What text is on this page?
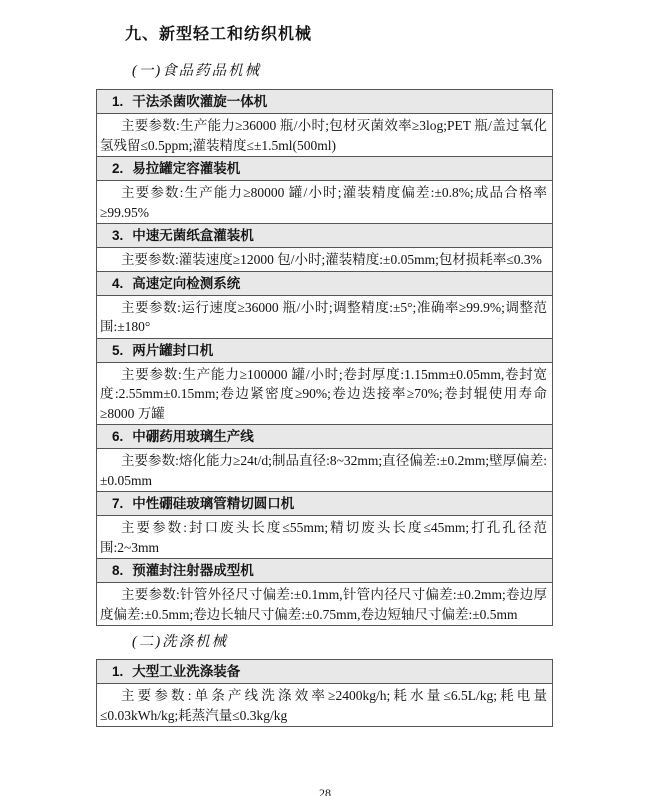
九、新型轻工和纺织机械
(一)食品药品机械
1. 干法杀菌吹灌旋一体机
主要参数:生产能力≥36000 瓶/小时;包材灭菌效率≥3log;PET 瓶/盖过氧化氢残留≤0.5ppm;灌装精度≤±1.5ml(500ml)
2. 易拉罐定容灌装机
主要参数:生产能力≥80000 罐/小时;灌装精度偏差:±0.8%;成品合格率≥99.95%
3. 中速无菌纸盒灌装机
主要参数:灌装速度≥12000 包/小时;灌装精度:±0.05mm;包材损耗率≤0.3%
4. 高速定向检测系统
主要参数:运行速度≥36000 瓶/小时;调整精度:±5°;准确率≥99.9%;调整范围:±180°
5. 两片罐封口机
主要参数:生产能力≥100000 罐/小时;卷封厚度:1.15mm±0.05mm,卷封宽度:2.55mm±0.15mm;卷边紧密度≥90%;卷边迭接率≥70%;卷封辊使用寿命≥8000 万罐
6. 中硼药用玻璃生产线
主要参数:熔化能力≥24t/d;制品直径:8~32mm;直径偏差:±0.2mm;壁厚偏差:±0.05mm
7. 中性硼硅玻璃管精切圆口机
主要参数:封口废头长度≤55mm;精切废头长度≤45mm;打孔孔径范围:2~3mm
8. 预灌封注射器成型机
主要参数:针管外径尺寸偏差:±0.1mm,针管内径尺寸偏差:±0.2mm;卷边厚度偏差:±0.5mm;卷边长轴尺寸偏差:±0.75mm,卷边短轴尺寸偏差:±0.5mm
(二)洗涤机械
1. 大型工业洗涤装备
主要参数:单条产线洗涤效率≥2400kg/h;耗水量≤6.5L/kg;耗电量≤0.03kWh/kg;耗蒸汽量≤0.3kg/kg
28
